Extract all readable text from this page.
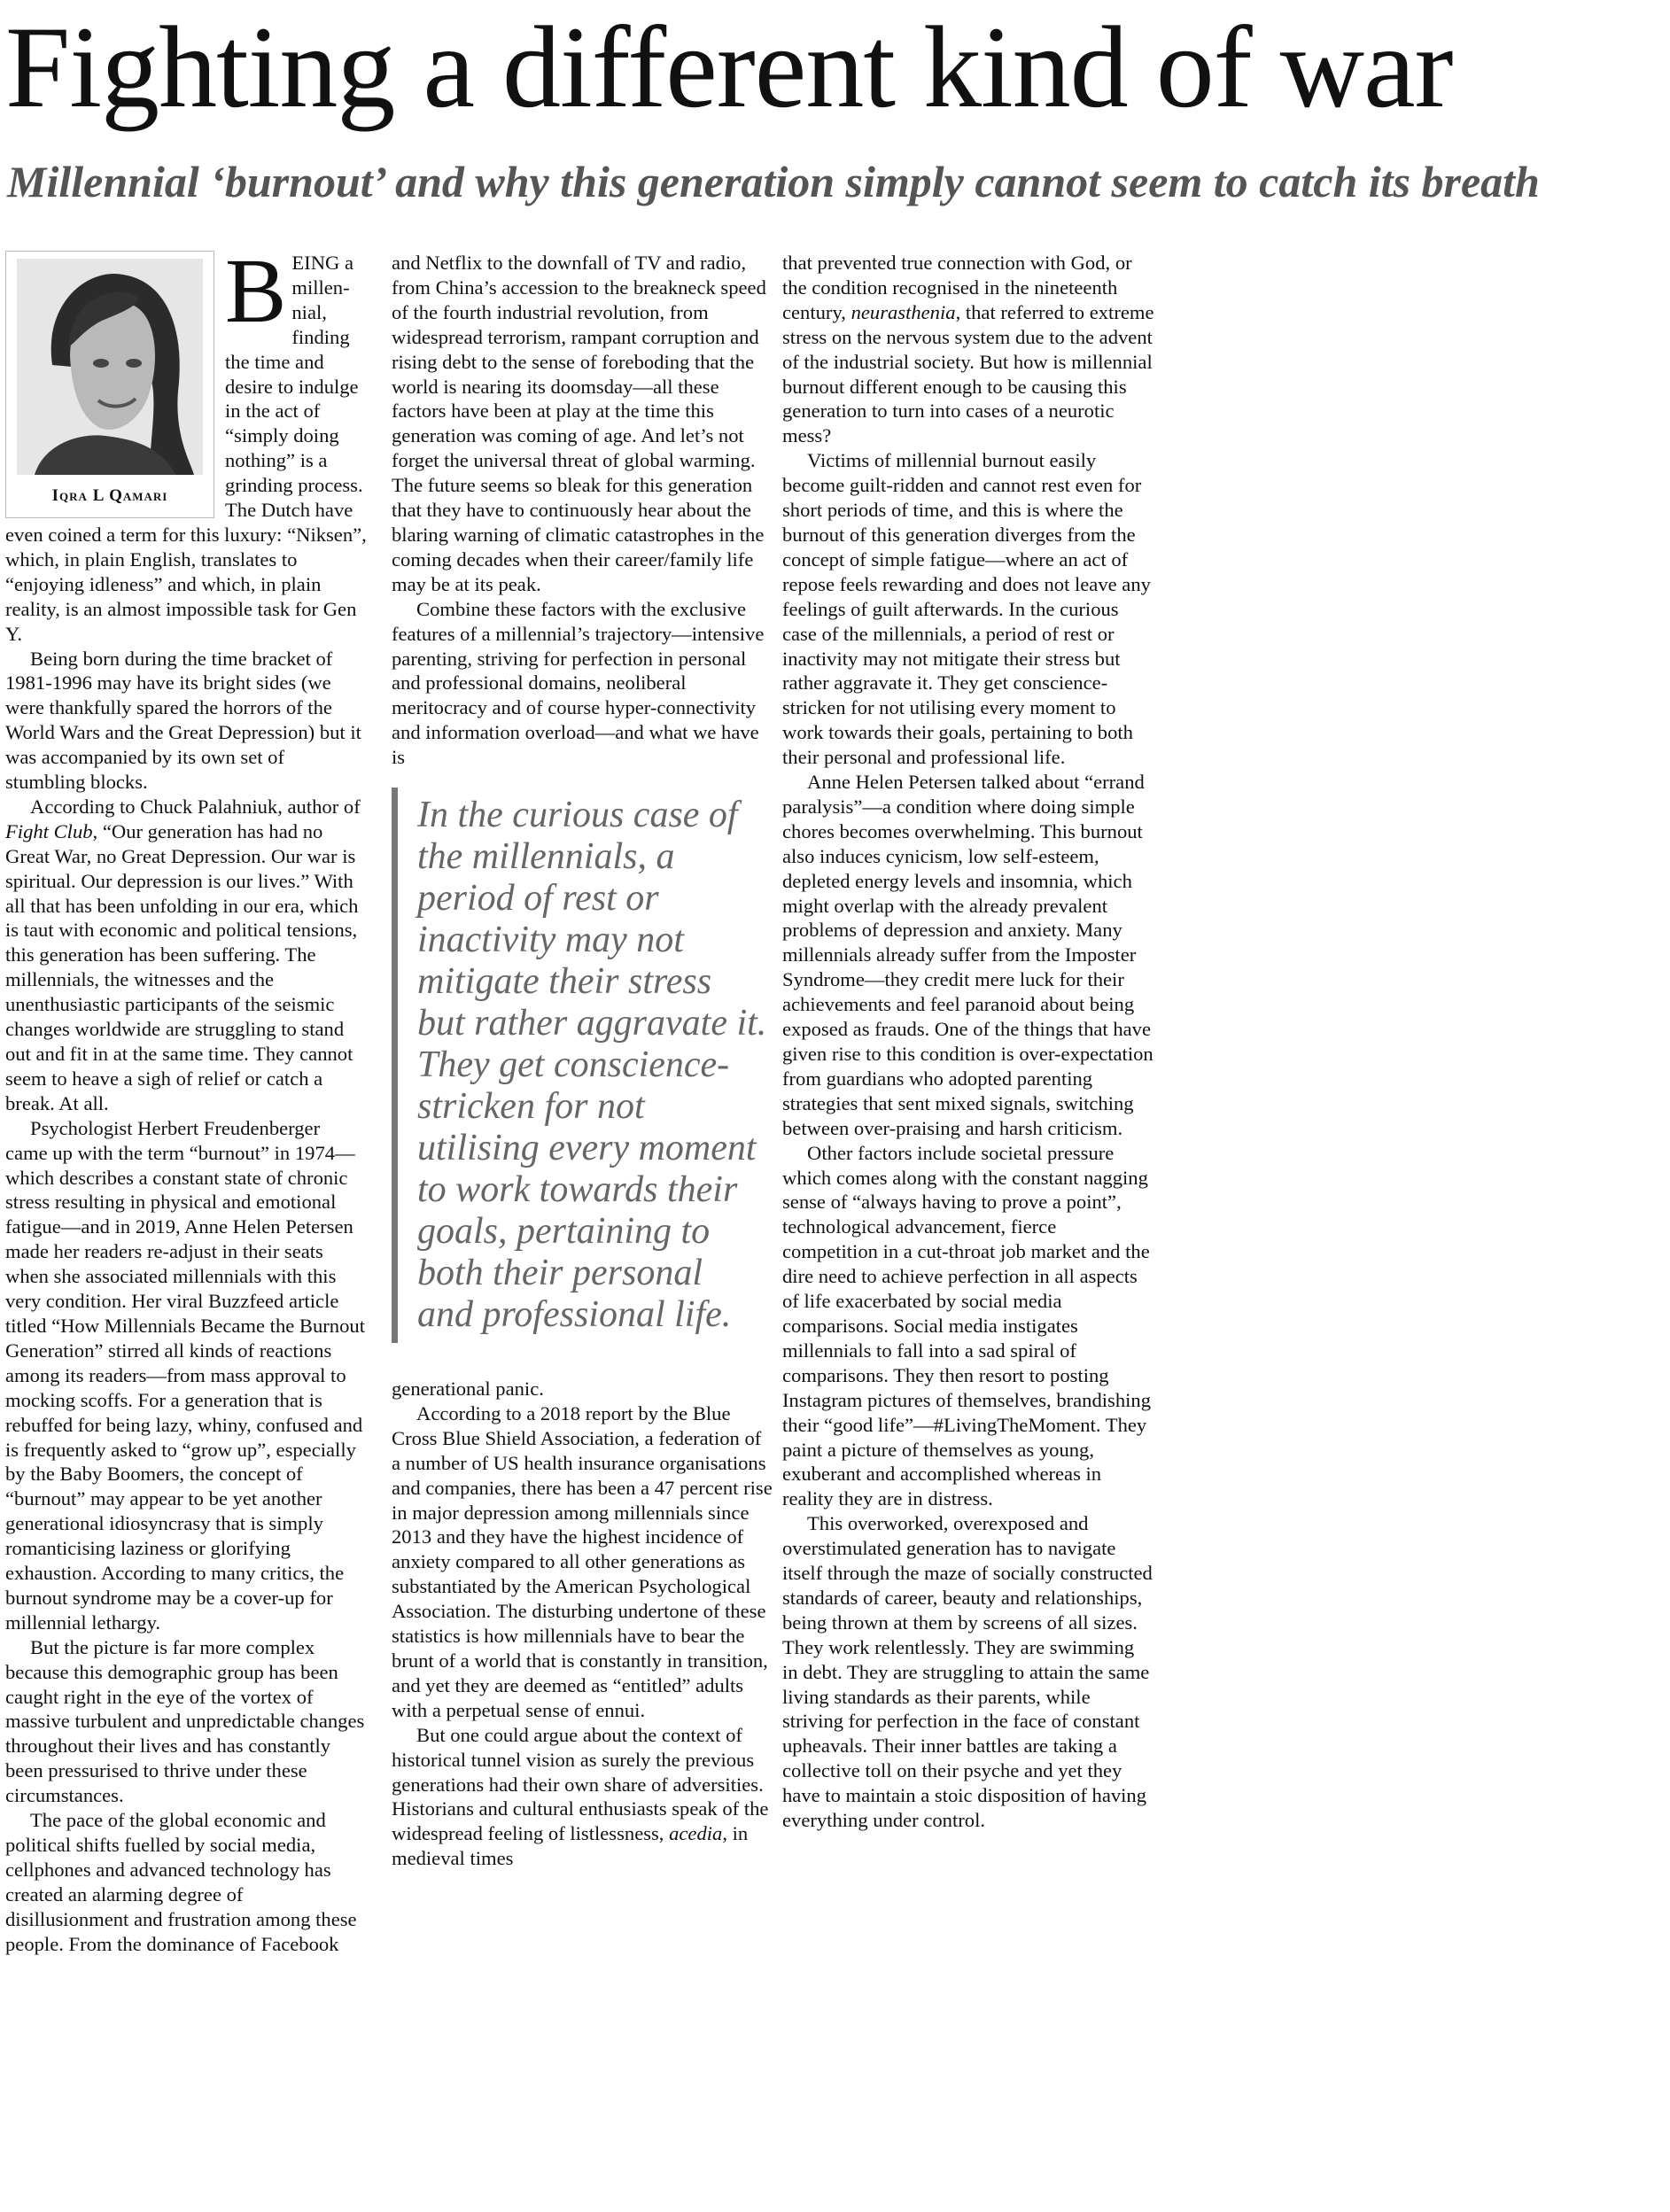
Fighting a different kind of war
Millennial ‘burnout’ and why this generation simply cannot seem to catch its breath
Iqra L Qamari

BEING a millen-nial, finding the time and desire to indulge in the act of “simply doing nothing” is a grinding process. The Dutch have even coined a term for this luxury: “Niksen”, which, in plain English, translates to “enjoying idleness” and which, in plain reality, is an almost impossible task for Gen Y.

Being born during the time bracket of 1981-1996 may have its bright sides (we were thankfully spared the horrors of the World Wars and the Great Depression) but it was accompanied by its own set of stumbling blocks.

According to Chuck Palahniuk, author of Fight Club, “Our generation has had no Great War, no Great Depression. Our war is spiritual. Our depression is our lives.” With all that has been unfolding in our era, which is taut with economic and political tensions, this generation has been suffering. The millennials, the witnesses and the unenthusiastic participants of the seismic changes worldwide are struggling to stand out and fit in at the same time. They cannot seem to heave a sigh of relief or catch a break. At all.

Psychologist Herbert Freudenberger came up with the term “burnout” in 1974—which describes a constant state of chronic stress resulting in physical and emotional fatigue—and in 2019, Anne Helen Petersen made her readers re-adjust in their seats when she associated millennials with this very condition. Her viral Buzzfeed article titled “How Millennials Became the Burnout Generation” stirred all kinds of reactions among its readers—from mass approval to mocking scoffs. For a generation that is rebuffed for being lazy, whiny, confused and is frequently asked to “grow up”, especially by the Baby Boomers, the concept of “burnout” may appear to be yet another generational idiosyncrasy that is simply romanticising laziness or glorifying exhaustion. According to many critics, the burnout syndrome may be a cover-up for millennial lethargy.

But the picture is far more complex because this demographic group has been caught right in the eye of the vortex of massive turbulent and unpredictable changes throughout their lives and has constantly been pressurised to thrive under these circumstances.

The pace of the global economic and political shifts fuelled by social media, cellphones and advanced technology has created an alarming degree of disillusionment and frustration among these people. From the dominance of Facebook

and Netflix to the downfall of TV and radio, from China’s accession to the breakneck speed of the fourth industrial revolution, from widespread terrorism, rampant corruption and rising debt to the sense of foreboding that the world is nearing its doomsday—all these factors have been at play at the time this generation was coming of age. And let’s not forget the universal threat of global warming. The future seems so bleak for this generation that they have to continuously hear about the blaring warning of climatic catastrophes in the coming decades when their career/family life may be at its peak.

Combine these factors with the exclusive features of a millennial’s trajectory—intensive parenting, striving for perfection in personal and professional domains, neoliberal meritocracy and of course hyper-connectivity and information overload—and what we have is

In the curious case of the millennials, a period of rest or inactivity may not mitigate their stress but rather aggravate it. They get conscience-stricken for not utilising every moment to work towards their goals, pertaining to both their personal and professional life.

generational panic.

According to a 2018 report by the Blue Cross Blue Shield Association, a federation of a number of US health insurance organisations and companies, there has been a 47 percent rise in major depression among millennials since 2013 and they have the highest incidence of anxiety compared to all other generations as substantiated by the American Psychological Association. The disturbing undertone of these statistics is how millennials have to bear the brunt of a world that is constantly in transition, and yet they are deemed as “entitled” adults with a perpetual sense of ennui.

But one could argue about the context of historical tunnel vision as surely the previous generations had their own share of adversities. Historians and cultural enthusiasts speak of the widespread feeling of listlessness, acedia, in medieval times

that prevented true connection with God, or the condition recognised in the nineteenth century, neurasthenia, that referred to extreme stress on the nervous system due to the advent of the industrial society. But how is millennial burnout different enough to be causing this generation to turn into cases of a neurotic mess?

Victims of millennial burnout easily become guilt-ridden and cannot rest even for short periods of time, and this is where the burnout of this generation diverges from the concept of simple fatigue—where an act of repose feels rewarding and does not leave any feelings of guilt afterwards. In the curious case of the millennials, a period of rest or inactivity may not mitigate their stress but rather aggravate it. They get conscience-stricken for not utilising every moment to work towards their goals, pertaining to both their personal and professional life.

Anne Helen Petersen talked about “errand paralysis”—a condition where doing simple chores becomes overwhelming. This burnout also induces cynicism, low self-esteem, depleted energy levels and insomnia, which might overlap with the already prevalent problems of depression and anxiety. Many millennials already suffer from the Imposter Syndrome—they credit mere luck for their achievements and feel paranoid about being exposed as frauds. One of the things that have given rise to this condition is over-expectation from guardians who adopted parenting strategies that sent mixed signals, switching between over-praising and harsh criticism.

Other factors include societal pressure which comes along with the constant nagging sense of “always having to prove a point”, technological advancement, fierce competition in a cut-throat job market and the dire need to achieve perfection in all aspects of life exacerbated by social media comparisons. Social media instigates millennials to fall into a sad spiral of comparisons. They then resort to posting Instagram pictures of themselves, brandishing their “good life”—#LivingTheMoment. They paint a picture of themselves as young, exuberant and accomplished whereas in reality they are in distress.

This overworked, overexposed and overstimulated generation has to navigate itself through the maze of socially constructed standards of career, beauty and relationships, being thrown at them by screens of all sizes. They work relentlessly. They are swimming in debt. They are struggling to attain the same living standards as their parents, while striving for perfection in the face of constant upheavals. Their inner battles are taking a collective toll on their psyche and yet they have to maintain a stoic disposition of having everything under control.
